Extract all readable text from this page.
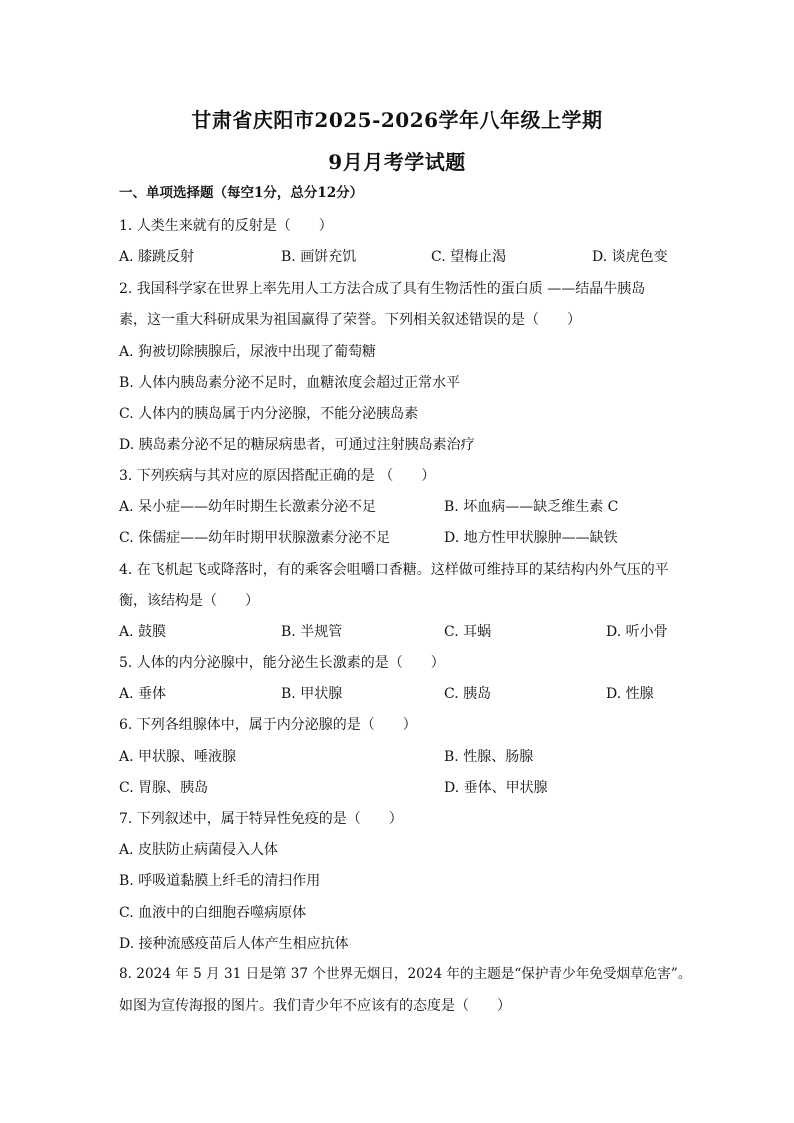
甘肃省庆阳市2025-2026学年八年级上学期
9月月考学试题
一、单项选择题（每空1分，总分12分）
1. 人类生来就有的反射是（　　）
A. 膝跳反射	B. 画饼充饥	C. 望梅止渴	D. 谈虎色变
2. 我国科学家在世界上率先用人工方法合成了具有生物活性的蛋白质 ——结晶牛胰岛
素，这一重大科研成果为祖国赢得了荣誉。下列相关叙述错误的是（　　）
A. 狗被切除胰腺后，尿液中出现了葡萄糖
B. 人体内胰岛素分泌不足时，血糖浓度会超过正常水平
C. 人体内的胰岛属于内分泌腺，不能分泌胰岛素
D. 胰岛素分泌不足的糖尿病患者，可通过注射胰岛素治疗
3. 下列疾病与其对应的原因搭配正确的是 （　　）
A. 呆小症——幼年时期生长激素分泌不足	B. 坏血病——缺乏维生素 C
C. 侏儒症——幼年时期甲状腺激素分泌不足	D. 地方性甲状腺肿——缺铁
4. 在飞机起飞或降落时，有的乘客会咀嚼口香糖。这样做可维持耳的某结构内外气压的平
衡，该结构是（　　）
A. 鼓膜	B. 半规管	C. 耳蜗	D. 听小骨
5. 人体的内分泌腺中，能分泌生长激素的是（　　）
A. 垂体	B. 甲状腺	C. 胰岛	D. 性腺
6. 下列各组腺体中，属于内分泌腺的是（　　）
A. 甲状腺、唾液腺	B. 性腺、肠腺
C. 胃腺、胰岛	D. 垂体、甲状腺
7. 下列叙述中，属于特异性免疫的是（　　）
A. 皮肤防止病菌侵入人体
B. 呼吸道黏膜上纤毛的清扫作用
C. 血液中的白细胞吞噬病原体
D. 接种流感疫苗后人体产生相应抗体
8. 2024 年 5 月 31 日是第 37 个世界无烟日，2024 年的主题是“保护青少年免受烟草危害”。
如图为宣传海报的图片。我们青少年不应该有的态度是（　　）
